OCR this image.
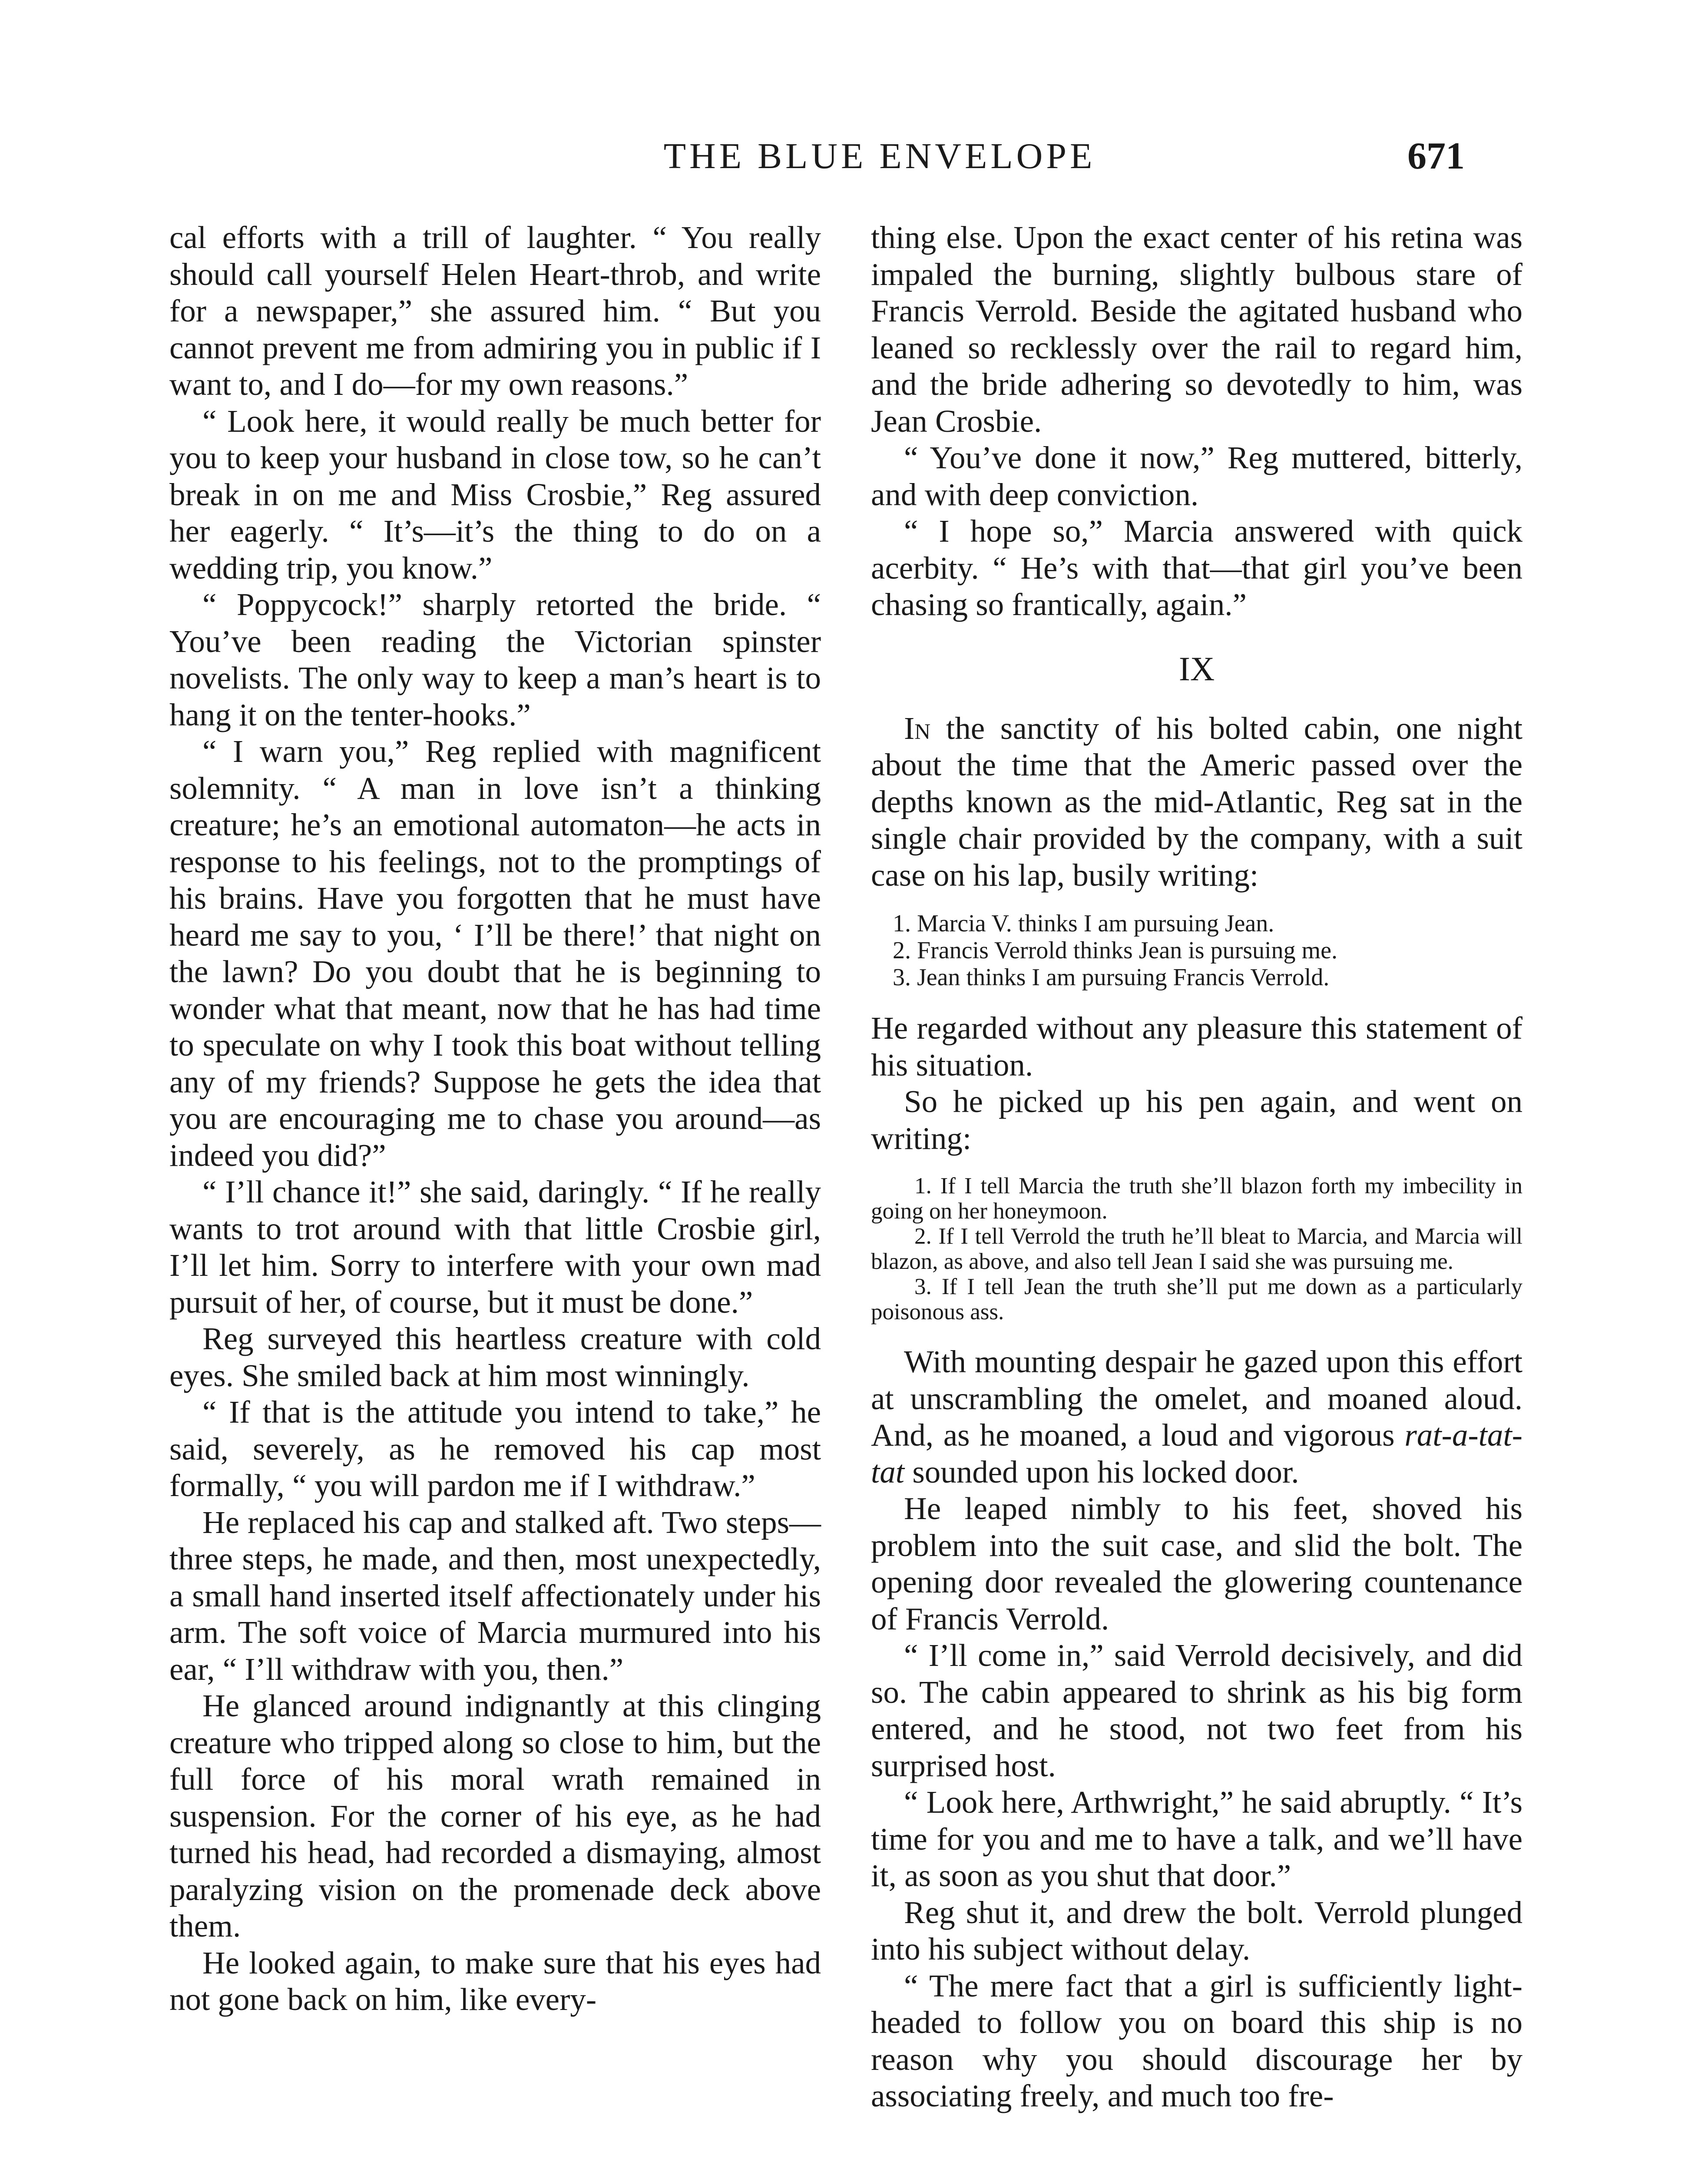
THE BLUE ENVELOPE	671

cal efforts with a trill of laughter. “ You really should call yourself Helen Heart-throb, and write for a newspaper,” she assured him. “ But you cannot prevent me from admiring you in public if I want to, and I do—for my own reasons.”

“ Look here, it would really be much better for you to keep your husband in close tow, so he can’t break in on me and Miss Crosbie,” Reg assured her eagerly. “ It’s—it’s the thing to do on a wedding trip, you know.”

“ Poppycock!” sharply retorted the bride. “ You’ve been reading the Victorian spinster novelists. The only way to keep a man’s heart is to hang it on the tenter-hooks.”

“ I warn you,” Reg replied with magnificent solemnity. “ A man in love isn’t a thinking creature; he’s an emotional automaton—he acts in response to his feelings, not to the promptings of his brains. Have you forgotten that he must have heard me say to you, ‘ I’ll be there!’ that night on the lawn? Do you doubt that he is beginning to wonder what that meant, now that he has had time to speculate on why I took this boat without telling any of my friends? Suppose he gets the idea that you are encouraging me to chase you around—as indeed you did?”

“ I’ll chance it!” she said, daringly. “ If he really wants to trot around with that little Crosbie girl, I’ll let him. Sorry to interfere with your own mad pursuit of her, of course, but it must be done.”

Reg surveyed this heartless creature with cold eyes. She smiled back at him most winningly.

“ If that is the attitude you intend to take,” he said, severely, as he removed his cap most formally, “ you will pardon me if I withdraw.”

He replaced his cap and stalked aft. Two steps—three steps, he made, and then, most unexpectedly, a small hand inserted itself affectionately under his arm. The soft voice of Marcia murmured into his ear, “ I’ll withdraw with you, then.”

He glanced around indignantly at this clinging creature who tripped along so close to him, but the full force of his moral wrath remained in suspension. For the corner of his eye, as he had turned his head, had recorded a dismaying, almost paralyzing vision on the promenade deck above them.

He looked again, to make sure that his eyes had not gone back on him, like every-

thing else. Upon the exact center of his retina was impaled the burning, slightly bulbous stare of Francis Verrold. Beside the agitated husband who leaned so recklessly over the rail to regard him, and the bride adhering so devotedly to him, was Jean Crosbie.

“ You’ve done it now,” Reg muttered, bitterly, and with deep conviction.

“ I hope so,” Marcia answered with quick acerbity. “ He’s with that—that girl you’ve been chasing so frantically, again.”

IX

In the sanctity of his bolted cabin, one night about the time that the Americ passed over the depths known as the mid-Atlantic, Reg sat in the single chair provided by the company, with a suit case on his lap, busily writing:

1. Marcia V. thinks I am pursuing Jean.
2. Francis Verrold thinks Jean is pursuing me.
3. Jean thinks I am pursuing Francis Verrold.

He regarded without any pleasure this statement of his situation.

So he picked up his pen again, and went on writing:

1. If I tell Marcia the truth she’ll blazon forth my imbecility in going on her honeymoon.
2. If I tell Verrold the truth he’ll bleat to Marcia, and Marcia will blazon, as above, and also tell Jean I said she was pursuing me.
3. If I tell Jean the truth she’ll put me down as a particularly poisonous ass.

With mounting despair he gazed upon this effort at unscrambling the omelet, and moaned aloud. And, as he moaned, a loud and vigorous rat-a-tat-tat sounded upon his locked door.

He leaped nimbly to his feet, shoved his problem into the suit case, and slid the bolt. The opening door revealed the glowering countenance of Francis Verrold.

“ I’ll come in,” said Verrold decisively, and did so. The cabin appeared to shrink as his big form entered, and he stood, not two feet from his surprised host.

“ Look here, Arthwright,” he said abruptly. “ It’s time for you and me to have a talk, and we’ll have it, as soon as you shut that door.”

Reg shut it, and drew the bolt. Verrold plunged into his subject without delay.

“ The mere fact that a girl is sufficiently light-headed to follow you on board this ship is no reason why you should discourage her by associating freely, and much too fre-
